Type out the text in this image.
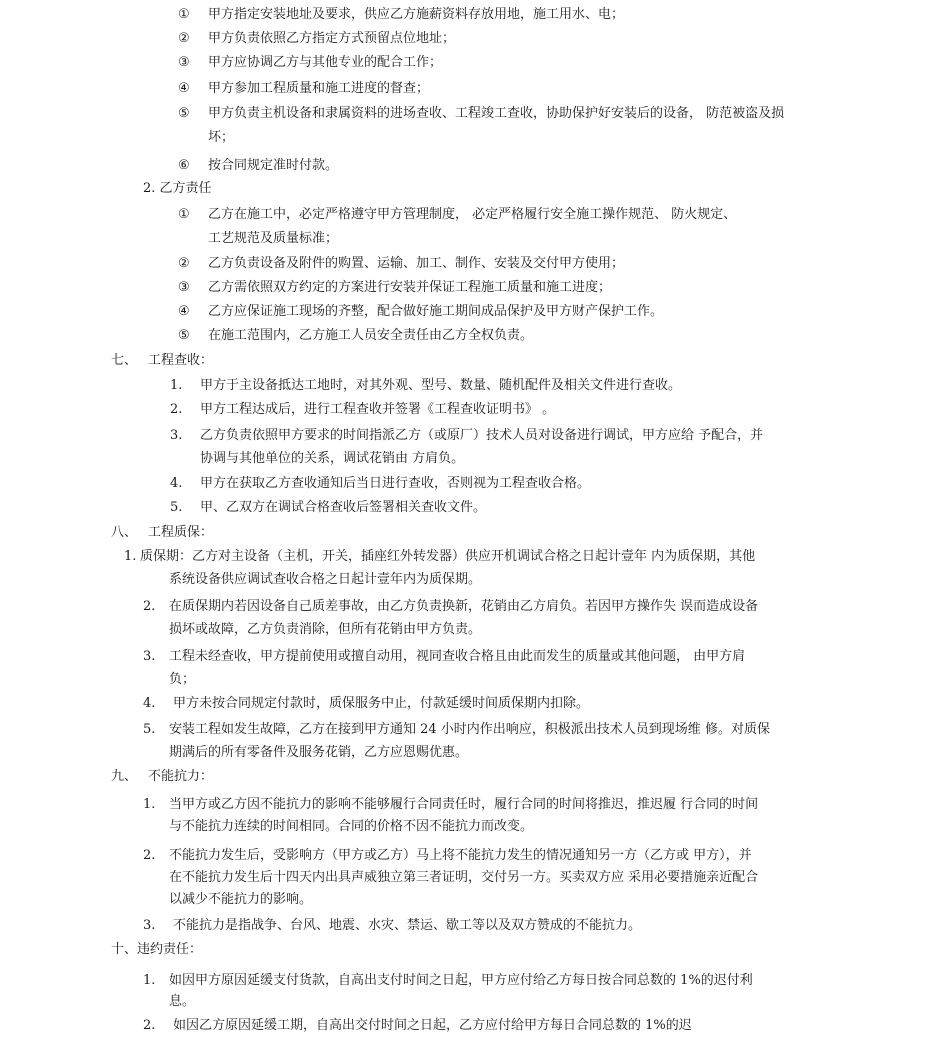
① 甲方指定安装地址及要求，供应乙方施薪资料存放用地，施工用水、电；
② 甲方负责依照乙方指定方式预留点位地址；
③ 甲方应协调乙方与其他专业的配合工作；
④ 甲方参加工程质量和施工进度的督查；
⑤ 甲方负责主机设备和隶属资料的进场查收、工程竣工查收，协助保护好安装后的设备， 防范被盗及损
坏；
⑥ 按合同规定准时付款。
2. 乙方责任
① 乙方在施工中，必定严格遵守甲方管理制度， 必定严格履行安全施工操作规范、 防火规定、
工艺规范及质量标准；
② 乙方负责设备及附件的购置、运输、加工、制作、安装及交付甲方使用；
③ 乙方需依照双方约定的方案进行安装并保证工程施工质量和施工进度；
④ 乙方应保证施工现场的齐整，配合做好施工期间成品保护及甲方财产保护工作。
⑤ 在施工范围内，乙方施工人员安全责任由乙方全权负责。
七、 工程查收：
1. 甲方于主设备抵达工地时，对其外观、型号、数量、随机配件及相关文件进行查收。
2. 甲方工程达成后，进行工程查收并签署《工程查收证明书》 。
3. 乙方负责依照甲方要求的时间指派乙方（或原厂）技术人员对设备进行调试，甲方应给 予配合，并
协调与其他单位的关系，调试花销由 方肩负。
4. 甲方在获取乙方查收通知后当日进行查收，否则视为工程查收合格。
5. 甲、乙双方在调试合格查收后签署相关查收文件。
八、 工程质保：
1. 质保期：乙方对主设备（主机，开关，插座红外转发器）供应开机调试合格之日起计壹年 内为质保期，其他
系统设备供应调试查收合格之日起计壹年内为质保期。
2. 在质保期内若因设备自己质差事故，由乙方负责换新，花销由乙方肩负。若因甲方操作失 误而造成设备
损坏或故障，乙方负责消除，但所有花销由甲方负责。
3. 工程未经查收，甲方提前使用或擅自动用，视同查收合格且由此而发生的质量或其他问题， 由甲方肩
负；
4. 甲方未按合同规定付款时，质保服务中止，付款延缓时间质保期内扣除。
5. 安装工程如发生故障，乙方在接到甲方通知 24 小时内作出响应，积极派出技术人员到现场维 修。对质保
期满后的所有零备件及服务花销，乙方应恩赐优惠。
九、 不能抗力：
1. 当甲方或乙方因不能抗力的影响不能够履行合同责任时，履行合同的时间将推迟，推迟履 行合同的时间
与不能抗力连续的时间相同。合同的价格不因不能抗力而改变。
2. 不能抗力发生后，受影响方（甲方或乙方）马上将不能抗力发生的情况通知另一方（乙方或 甲方），并
在不能抗力发生后十四天内出具声威独立第三者证明，交付另一方。买卖双方应 采用必要措施亲近配合
以减少不能抗力的影响。
3. 不能抗力是指战争、台风、地震、水灾、禁运、歇工等以及双方赞成的不能抗力。
十、违约责任：
1. 如因甲方原因延缓支付货款，自高出支付时间之日起，甲方应付给乙方每日按合同总数的 1%的迟付利
息。
2. 如因乙方原因延缓工期，自高出交付时间之日起，乙方应付给甲方每日合同总数的 1%的迟
